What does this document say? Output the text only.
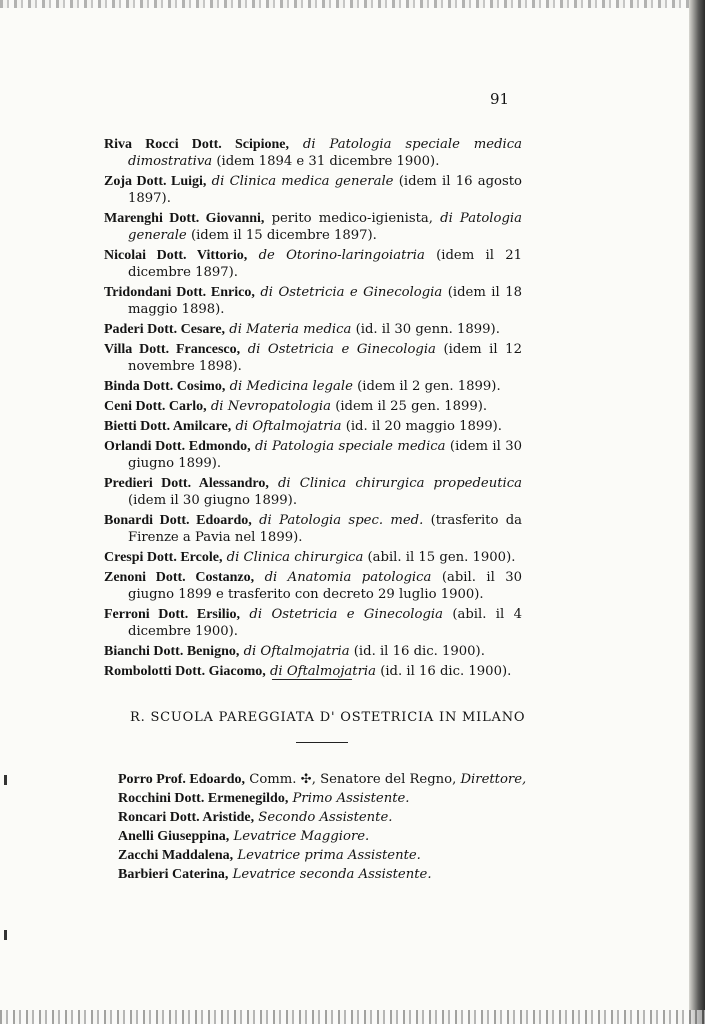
91
Riva Rocci Dott. Scipione, di Patologia speciale medica dimostrativa (idem 1894 e 31 dicembre 1900).
Zoja Dott. Luigi, di Clinica medica generale (idem il 16 agosto 1897).
Marenghi Dott. Giovanni, perito medico-igienista, di Patologia generale (idem il 15 dicembre 1897).
Nicolai Dott. Vittorio, de Otorino-laringoiatria (idem il 21 dicembre 1897).
Tridondani Dott. Enrico, di Ostetricia e Ginecologia (idem il 18 maggio 1898).
Paderi Dott. Cesare, di Materia medica (id. il 30 genn. 1899).
Villa Dott. Francesco, di Ostetricia e Ginecologia (idem il 12 novembre 1898).
Binda Dott. Cosimo, di Medicina legale (idem il 2 gen. 1899).
Ceni Dott. Carlo, di Nevropatologia (idem il 25 gen. 1899).
Bietti Dott. Amilcare, di Oftalmojatria (id. il 20 maggio 1899).
Orlandi Dott. Edmondo, di Patologia speciale medica (idem il 30 giugno 1899).
Predieri Dott. Alessandro, di Clinica chirurgica propedeutica (idem il 30 giugno 1899).
Bonardi Dott. Edoardo, di Patologia spec. med. (trasferito da Firenze a Pavia nel 1899).
Crespi Dott. Ercole, di Clinica chirurgica (abil. il 15 gen. 1900).
Zenoni Dott. Costanzo, di Anatomia patologica (abil. il 30 giugno 1899 e trasferito con decreto 29 luglio 1900).
Ferroni Dott. Ersilio, di Ostetricia e Ginecologia (abil. il 4 dicembre 1900).
Bianchi Dott. Benigno, di Oftalmojatria (id. il 16 dic. 1900).
Rombolotti Dott. Giacomo, di Oftalmojatria (id. il 16 dic. 1900).
R. SCUOLA PAREGGIATA D' OSTETRICIA IN MILANO
Porro Prof. Edoardo, Comm. ✣, Senatore del Regno, Direttore,
Rocchini Dott. Ermenegildo, Primo Assistente.
Roncari Dott. Aristide, Secondo Assistente.
Anelli Giuseppina, Levatrice Maggiore.
Zacchi Maddalena, Levatrice prima Assistente.
Barbieri Caterina, Levatrice seconda Assistente.
